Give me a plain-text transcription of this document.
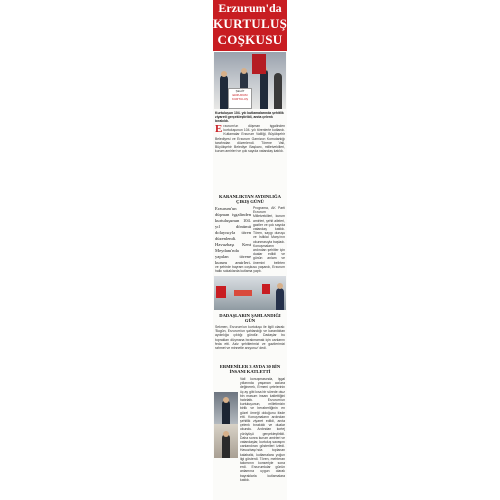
Erzurum'da
KURTULUŞ
COŞKUSU
ŞEHİT
ERZURUM KURTULUŞ
Kurtuluşun 104. yılı kutlamalarında şehitlik ziyareti gerçekleştirildi, anıta çelenk bırakıldı.
Erzurum'un düşman işgalinden kurtuluşunun 104. yılı törenlerle kutlandı. Kutlamalar Erzurum Valiliği, Büyükşehir Belediyesi ve Erzurum Garnizon Komutanlığı tarafından düzenlendi. Törene Vali, Büyükşehir Belediye Başkanı, milletvekilleri, kurum amirleri ve çok sayıda vatandaş katıldı.
KARANLIKTAN AYDINLIĞA ÇIKIŞ GÜNÜ
Erzurum'un düşman işgalinden kurtuluşunun 104. yıl dönümü dolayısıyla tören düzenlendi. Havuzbaşı Kent Meydanı'nda yapılan törene kurum amirleri,
Programa, AK Parti Erzurum Milletvekilleri, kurum amirleri, şehit aileleri, gaziler ve çok sayıda vatandaş katıldı. Tören, saygı duruşu ve İstiklal Marşı'nın okunmasıyla başladı. Konuşmaların ardından şehitler için dualar edildi ve günün anlam ve önemini belirten
ve şehirde bayram coşkusu yaşandı, Erzurum halkı sokaklarda kutlama yaptı.
DADAŞLARIN ŞAHLANDIĞI GÜN
Sekmen, Erzurum'un kurtuluşu ile ilgili olarak: 'Bugün, Erzurum'un şahlandığı ve karanlıktan aydınlığa çıktığı gündür. Dadaşlar bu toprakları düşmana bırakmamak için canlarını feda etti. Aziz şehitlerimizi ve gazilerimizi rahmet ve minnetle anıyoruz' dedi.
ERMENİLER 3 AYDA 30 BİN İNSANI KATLETTİ
Vali konuşmasında, işgal yıllarında yaşanan acılara değinerek, Ermeni çetelerinin üç ay gibi kısa bir sürede otuz bin masum insanı katlettiğini hatırlattı. Erzurum'un kurtuluşunun, milletimizin birlik ve beraberliğinin en güzel örneği olduğunu ifade etti. Konuşmaların ardından şehitlik ziyaret edildi, anıta çelenk bırakıldı ve dualar okundu. Ardından kortej yürüyüşü gerçekleştirildi. Daha sonra kurum amirleri ve vatandaşlar, kurtuluş savaşını canlandıran gösterileri izledi. Havuzbaşı'nda toplanan kalabalık, kutlamalara yoğun ilgi gösterdi. Tören, mehteran takımının konseriyle sona erdi. Erzurumlular günün anlamına uygun olarak bayraklarla kutlamalara katıldı.
